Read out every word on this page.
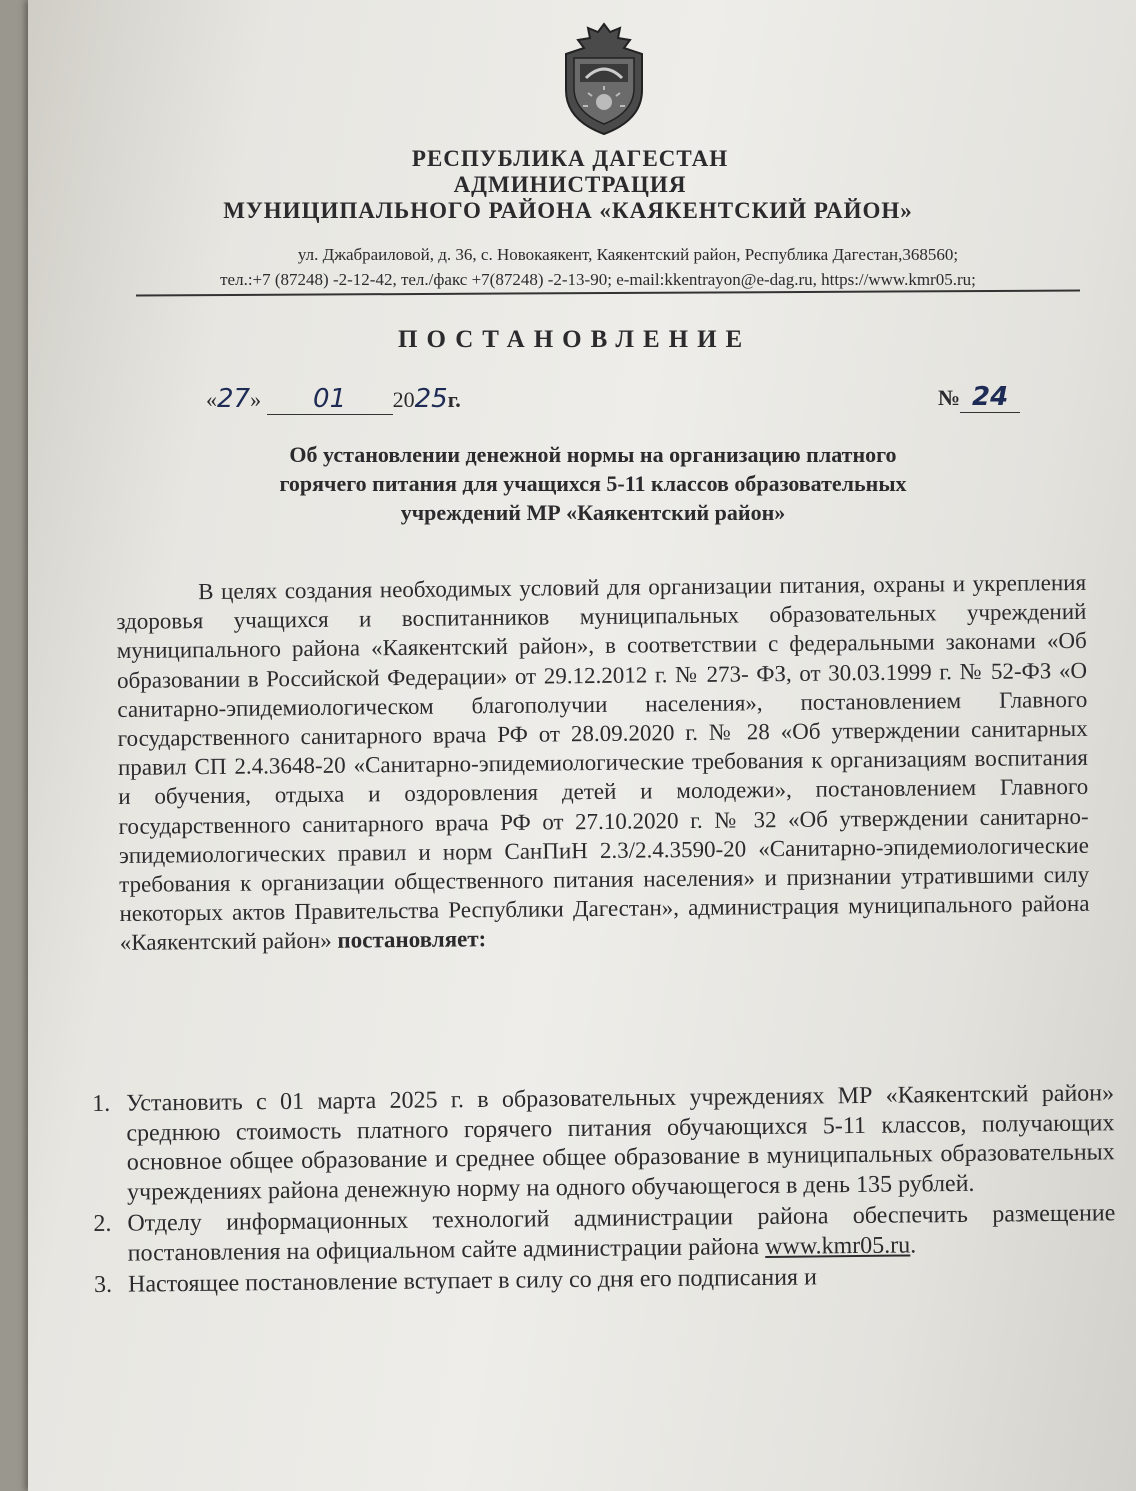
РЕСПУБЛИКА ДАГЕСТАН
АДМИНИСТРАЦИЯ
МУНИЦИПАЛЬНОГО РАЙОНА «КАЯКЕНТСКИЙ РАЙОН»
ул. Джабраиловой, д. 36, с. Новокаякент, Каякентский район, Республика Дагестан,368560;
тел.:+7 (87248) -2-12-42, тел./факс +7(87248) -2-13-90; e-mail:kkentrayon@e-dag.ru, https://www.kmr05.ru;
ПОСТАНОВЛЕНИЕ
«27» 01 2025г.	№ 24
Об установлении денежной нормы на организацию платного
горячего питания для учащихся 5-11 классов образовательных
учреждений МР «Каякентский район»

В целях создания необходимых условий для организации питания, охраны и укрепления здоровья учащихся и воспитанников муниципальных образовательных учреждений муниципального района «Каякентский район», в соответствии с федеральными законами «Об образовании в Российской Федерации» от 29.12.2012 г. № 273- ФЗ, от 30.03.1999 г. № 52-ФЗ «О санитарно-эпидемиологическом благополучии населения», постановлением Главного государственного санитарного врача РФ от 28.09.2020 г. № 28 «Об утверждении санитарных правил СП 2.4.3648-20 «Санитарно-эпидемиологические требования к организациям воспитания и обучения, отдыха и оздоровления детей и молодежи», постановлением Главного государственного санитарного врача РФ от 27.10.2020 г. № 32 «Об утверждении санитарно-эпидемиологических правил и норм СанПиН 2.3/2.4.3590-20 «Санитарно-эпидемиологические требования к организации общественного питания населения» и признании утратившими силу некоторых актов Правительства Республики Дагестан», администрация муниципального района «Каякентский район» постановляет:

1. Установить с 01 марта 2025 г. в образовательных учреждениях МР «Каякентский район» среднюю стоимость платного горячего питания обучающихся 5-11 классов, получающих основное общее образование и среднее общее образование в муниципальных образовательных учреждениях района денежную норму на одного обучающегося в день 135 рублей.
2. Отделу информационных технологий администрации района обеспечить размещение постановления на официальном сайте администрации района www.kmr05.ru.
3. Настоящее постановление вступает в силу со дня его подписания и
